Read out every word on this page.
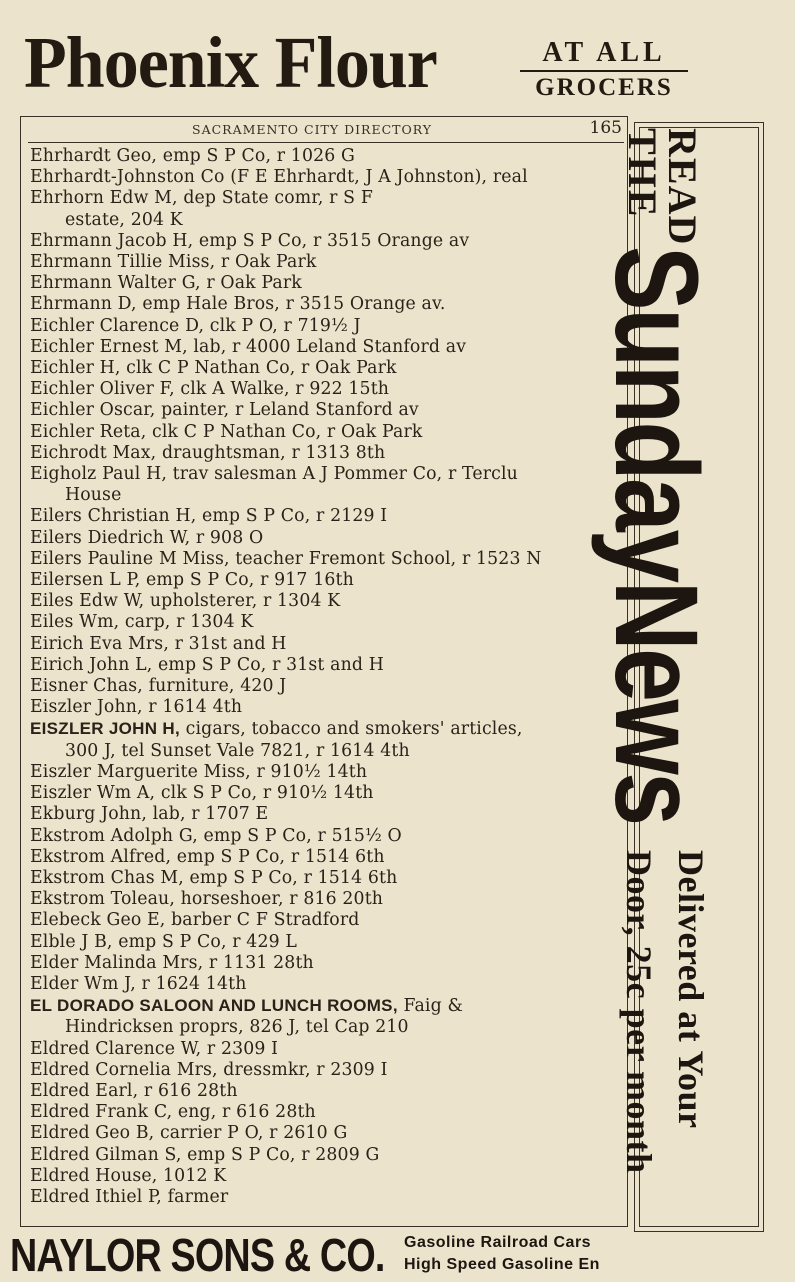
Phoenix Flour	AT ALL
GROCERS
SACRAMENTO CITY DIRECTORY	165
Ehrhardt Geo, emp S P Co, r 1026 G
Ehrhardt-Johnston Co (F E Ehrhardt, J A Johnston), real
Ehrhorn Edw M, dep State comr, r S F
estate, 204 K
Ehrmann Jacob H, emp S P Co, r 3515 Orange av
Ehrmann Tillie Miss, r Oak Park
Ehrmann Walter G, r Oak Park
Ehrmann D, emp Hale Bros, r 3515 Orange av.
Eichler Clarence D, clk P O, r 719½ J
Eichler Ernest M, lab, r 4000 Leland Stanford av
Eichler H, clk C P Nathan Co, r Oak Park
Eichler Oliver F, clk A Walke, r 922 15th
Eichler Oscar, painter, r Leland Stanford av
Eichler Reta, clk C P Nathan Co, r Oak Park
Eichrodt Max, draughtsman, r 1313 8th
Eigholz Paul H, trav salesman A J Pommer Co, r Terclu
House
Eilers Christian H, emp S P Co, r 2129 I
Eilers Diedrich W, r 908 O
Eilers Pauline M Miss, teacher Fremont School, r 1523 N
Eilersen L P, emp S P Co, r 917 16th
Eiles Edw W, upholsterer, r 1304 K
Eiles Wm, carp, r 1304 K
Eirich Eva Mrs, r 31st and H
Eirich John L, emp S P Co, r 31st and H
Eisner Chas, furniture, 420 J
Eiszler John, r 1614 4th
EISZLER JOHN H, cigars, tobacco and smokers' articles,
300 J, tel Sunset Vale 7821, r 1614 4th
Eiszler Marguerite Miss, r 910½ 14th
Eiszler Wm A, clk S P Co, r 910½ 14th
Ekburg John, lab, r 1707 E
Ekstrom Adolph G, emp S P Co, r 515½ O
Ekstrom Alfred, emp S P Co, r 1514 6th
Ekstrom Chas M, emp S P Co, r 1514 6th
Ekstrom Toleau, horseshoer, r 816 20th
Elebeck Geo E, barber C F Stradford
Elble J B, emp S P Co, r 429 L
Elder Malinda Mrs, r 1131 28th
Elder Wm J, r 1624 14th
EL DORADO SALOON AND LUNCH ROOMS, Faig &
Hindricksen proprs, 826 J, tel Cap 210
Eldred Clarence W, r 2309 I
Eldred Cornelia Mrs, dressmkr, r 2309 I
Eldred Earl, r 616 28th
Eldred Frank C, eng, r 616 28th
Eldred Geo B, carrier P O, r 2610 G
Eldred Gilman S, emp S P Co, r 2809 G
Eldred House, 1012 K
Eldred Ithiel P, farmer
READ
THE
SundayNews
Delivered at Your
Door, 25c per month
NAYLOR SONS & CO. Gasoline Railroad Cars
High Speed Gasoline En
